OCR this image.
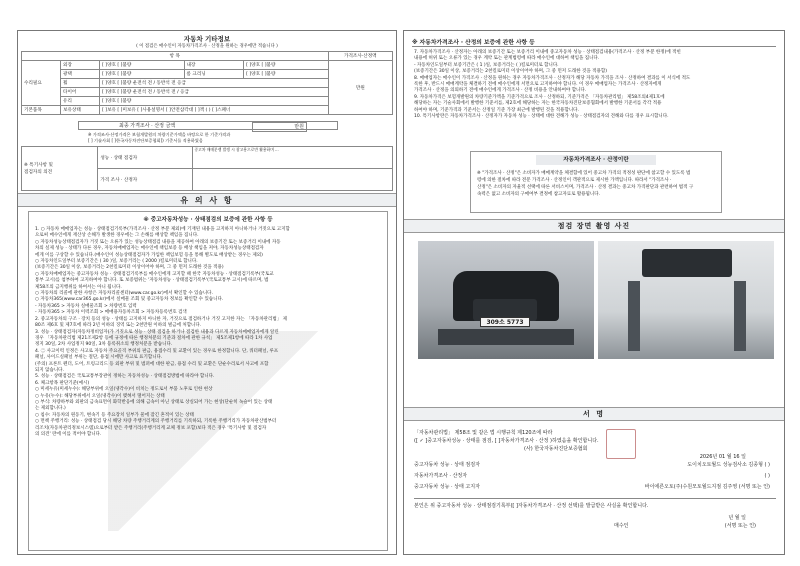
자동차 기타정보
( 이 점검은 매수인이 자동차가격조사 · 산정을 원하는 경우에만 적습니다 )
항 목					가격조사·산정액
수리필요	외장	[ ]양호 [ ]불량	내장	[ ]양호 [ ]불량	만원
	광택	[ ]양호 [ ]불량	룸 크리닝	[ ]양호 [ ]불량	
	휠	[ ]양호 [ ]불량 운전석 전 / 동반석 전 응급			
	타이어	[ ]양호 [ ]불량 운전석 전 / 동반석 전 / 응급			
	유리	[ ]양호 [ ]불량			
기본품목	보유상태	[ ]보유 [ ]미보유 [ ]사용설명서 [ ]안전삼각대 [ ]잭 ( ) [ ]스패너			
최종 가격조사 · 산정 금액	만원
※ 가격조사·산정가격은 보험개발원의 차량기준가액을 바탕으로 한 기준가격과
[ ] 기술사회 [ ]한국자동차진단보증협회]) 기준서를 적용하였음
※ 특기사항 및
점검자의 의견	성능 · 상태 점검자	중고차 매매분쟁 발생 시 참고용으로만 활용하며 ...
	가격 조사 · 산정자	
유 의 사 항
※ 중고자동차성능 · 상태점검의 보증에 관한 사항 등
1. ○ 자동차 매매업자는 성능 · 상태점검기록부(가격조사 · 산정 부분 제외)에 기재된 내용을 고지하지 아니하거나 거짓으로 고지함
으로써 매수인에게 재산상 손해가 발생한 경우에는 그 손해를 배상할 책임을 집니다.
○ 자동차성능상태점검자가 거짓 또는 오류가 있는 성능상태점검 내용을 제공하여 아래의 보증기간 또는 보증거리 이내에 자동
차의 실제 성능 · 상태가 다른 경우, 자동차매매업자는 매수인에 책임보증 등 배상 책임을 져야, 자동차성능상태점검자
에게 이를 구상할 수 있습니다.(매수인이 성능상태점검자가 가입한 책임보험 등을 통해 별도로 배상받는 경우는 제외)
○ 자동차인도일부터 보증기간은 ( 30 )일, 보증거리는 ( 2000 )킬로미터로 합니다.
(보증기간은 30일 이상, 보증거리는 2천킬로미터 이상이어야 하며, 그 중 먼저 도래한 것을 적용)
○ 자동차매매업자는 중고자동차 성능 · 상태점검기록부를 매수인에게 고지할 때 한국 자동차성능 · 상태점검기록부(국토교
통부 고시)를 첨부하여 고지하여야 합니다. 또 보증범위는 '자동차성능 · 상태점검기록부'(국토교통부 고시)에 따르며, 법
제58조의 금지행위를 하여서는 아니 됩니다.
○ 자동차의 리콜에 관한 사항은 자동차리콜센터(www.car.go.kr)에서 확인할 수 있습니다.
○ 자동차365(www.car365.go.kr)에서 실매물 조회 및 중고자동차 정보를 확인할 수 있습니다.
- 자동차365 > 자동차 실매물조회 > 차량번호 입력
- 자동차365 > 자동차 이력조회 > 매매용자동차조회 > 자동차등록번호 검색
2. 중고자동차의 구조 · 장치 등의 성능 · 상태를 고지하지 아니한 자, 거짓으로 점검하거나 거짓 고지한 자는 「자동차관리법」 제
80조 제6호 및 제7호에 따라 2년 이하의 징역 또는 2천만원 이하의 벌금에 처합니다.
3. 성능 · 상태점검자(자동차정비업자)가 거짓으로 성능 · 상태 점검을 하거나 점검한 내용과 다르게 자동차매매업자에게 알린
경우 「자동차관리법 제21조제2항 등에 규정에 따른 행정처분의 기준과 절차에 관한 규칙」 제5조제1항에 따라 1차 사업
정지 30일, 2차 사업정지 90일, 3차 등록취소의 행정처분을 받습니다.
4. ㊁ 사고이력 인정은 사고로 자동차 주요골격 부위의 판금, 용접수리 및 교환이 있는 경우로 한정합니다. 단, 쿼터패널, 루프
패널, 사이드실패널 부위는 절단, 용접 시에만 사고로 표기합니다.
(주의) 프론트 펜더, 도어, 트렁크리드 등 외판 부위 및 범퍼에 대한 판금, 용접 수리 및 교환은 단순수리로서 사고에 포함
되지 않습니다.
5. 성능 · 상태점검은 국토교통부장관이 정하는 자동차성능 · 상태점검방법에 따라야 합니다.
6. 체크항목 판단기준(예시)
○ 미세누유(미세누수): 해당부위에 오일(냉각수)이 비치는 정도로서 부품 노후로 인한 현상
○ 누유(누수): 해당부위에서 오일(냉각수)이 맺혀서 떨어지는 상태
○ 부식: 차량하부와 외판의 금속표면이 화학반응에 의해 금속이 아닌 상태로 상실되어 가는 현상(단순히 녹슬어 있는 상태
는 제외합니다.)
○ 침수: 자동차의 원동기, 변속기 등 주요장치 일부가 물에 잠긴 흔적이 있는 상태
○ 면책 주행거리: 성능 · 상태점검 당시 해당 차량 주행거리계의 주행거리를 기록하되, 기록한 주행거리가 자동차관산범부터
리조치(자동차관리정보시스템)으로부터 받은 주행거리(주행거리계 교체 정보 포함)보다 적은 경우 '특기사항 및 점검자
의 의견' 란에 이를 적어야 합니다.
※ 자동차가격조사 · 산정의 보증에 관한 사항 등
7. 자동차가격조사 · 산정자는 아래의 보증기간 또는 보증거리 이내에 중고자동차 성능 · 상태점검내용(가격조사 · 산정 부분 한정)에 적힌
내용에 허위 또는 오류가 있는 경우 계약 또는 관계법령에 따라 매수인에 대하여 책임을 집니다.
- 자동차인도일부터 보증기간은 ( 1 )일, 보증거리는 ( )킬로미터로 합니다.
(보증기간은 30일 이상, 보증거리는 2천킬로미터 이상이어야 하며, 그 중 먼저 도래한 것을 적용함)
8. 매매업자는 매수인이 가격조사 · 산정을 원하는 경우 자동차가격조사 · 산정자가 해당 자동차 가격을 조사 · 산정하여 결과를 이 서식에 적도
록한 후, 반드시 매매계약을 체결하기 전에 매수인에게 서면으로 고지하여야 합니다. 이 경우 매매업자는 가격조사 · 산정자에게
가격조사 · 산정을 의뢰하기 전에 매수인에게 가격조사 · 산정 비용을 안내하여야 합니다.
9. 자동차가격은 보험개발원의 차량기준가액을 기준가격으로 조사 · 산정하되, 기준가격은 「자동차관리법」 제58조의4제1호에
해당하는 자는 기술사회에서 발행한 기준서를, 제2호에 해당하는 자는 한국자동차진단보증협회에서 발행한 기준서를 각각 적용
하여야 하며, 기준가격과 기준서는 산정일 기준 가장 최근에 발행된 것을 적용합니다.
10. 특기사항란은 자동차가격조사 · 산정자가 자동차 성능 · 상태에 대한 견해가 성능 · 상태점검자의 견해와 다를 경우 표시합니다.
자동차가격조사 · 산정이란
※ "가격조사 · 산정"은 소비자가 매매계약을 체결함에 있어 중고차 가격의 적정성 판단에 참고할 수 있도록 법
령에 의한 절차에 따라 전문 가격조사 · 산정인이 객관적으로 제시한 가액입니다. 따라서 "가격조사 ·
산정"은 소비자의 자율적 선택에 따른 서비스이며, 가격조사 · 산정 결과는 중고차 가격판단과 관련하여 법적 구
속력은 없고 소비자의 구매여부 결정에 참고자료로 활용됩니다.
점검 장면 촬영 사진
309소 5773
서 명
「자동차관리법」 제58조 및 같은 법 시행규칙 제120조에 따라
([ ✓ ]중고자동차성능 · 상태를 점검, [ ]자동차가격조사 · 산정 )하였음을 확인합니다.
(사) 한국자동차진단보증협회
2026년 01 월 16 일
중고자동차 성능 · 상태 점검자	도이치오토월드 성능검사소 김종형 ( )
자동차가격조사 · 산정자	( )
중고자동차 성능 · 상태 고지자	바이에른오토(주)수원모토월드지점 김주영 (서명 또는 인)
본인은 위 중고자동차 성능 · 상태점검기록부([ ]자동차가격조사 · 산정 선택)를 발급받은 사실을 확인합니다.
년 월 일
매수인	(서명 또는 인)
